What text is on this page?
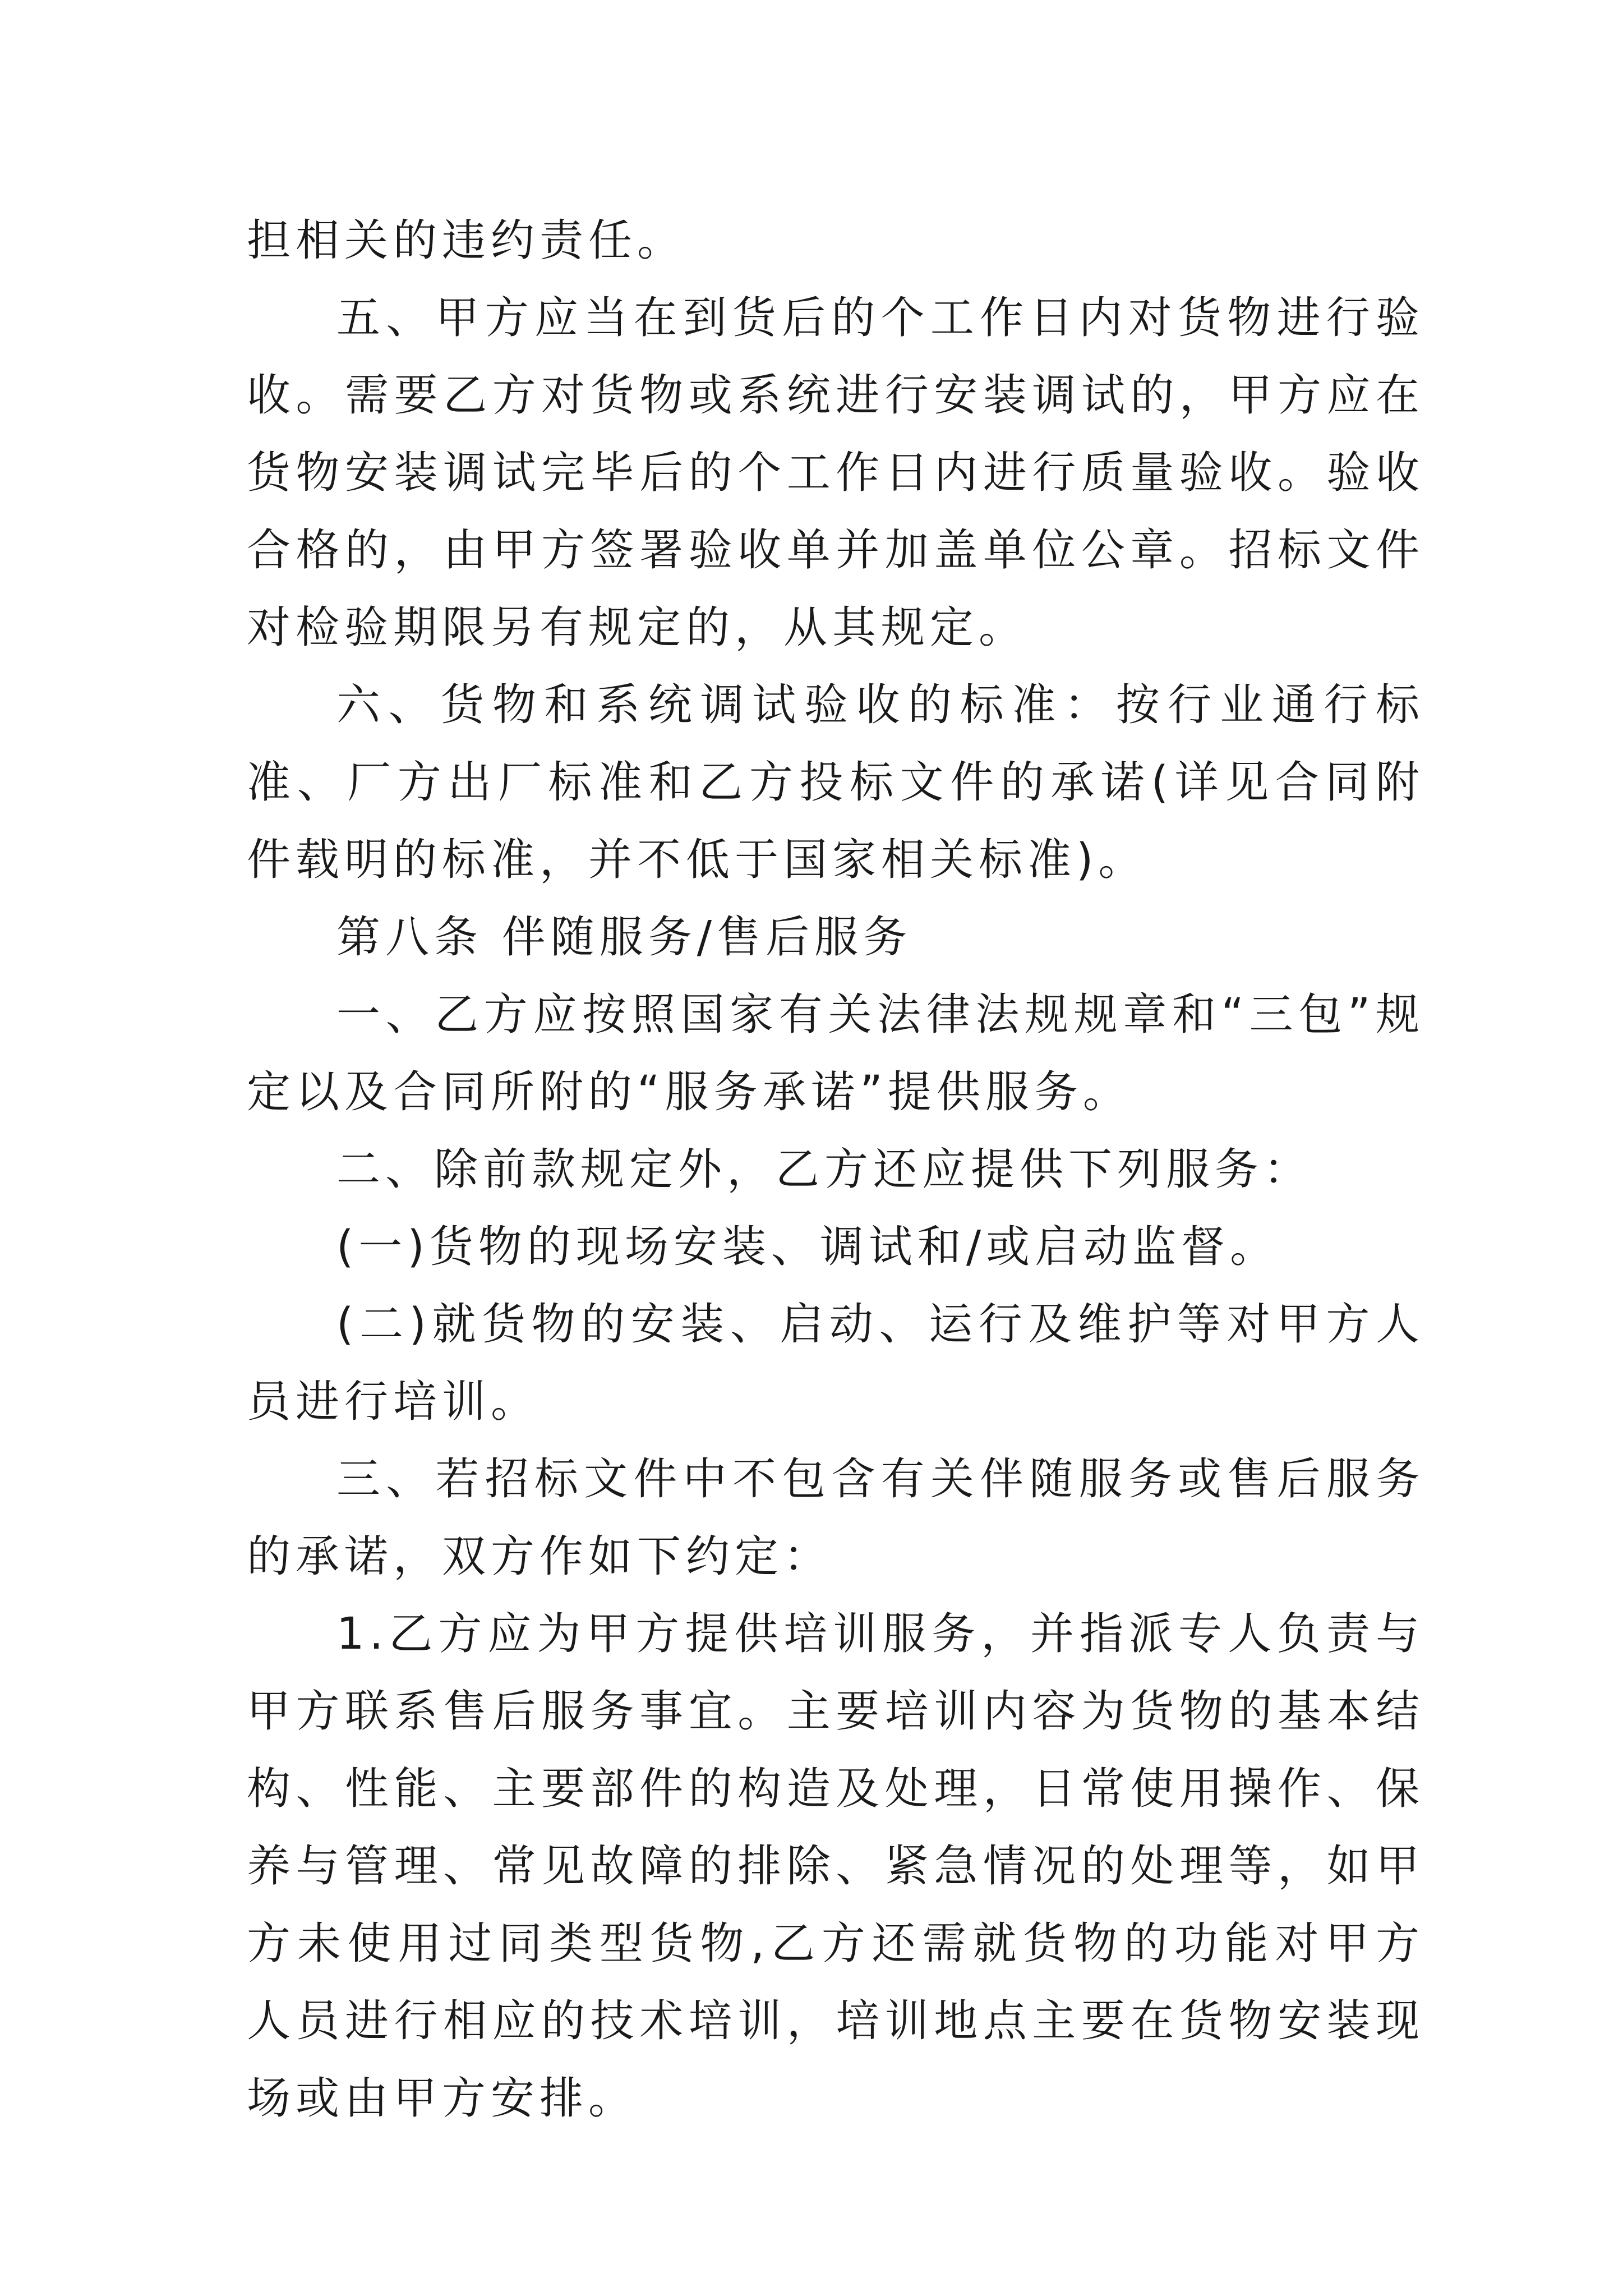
担相关的违约责任。

五、甲方应当在到货后的个工作日内对货物进行验收。需要乙方对货物或系统进行安装调试的，甲方应在货物安装调试完毕后的个工作日内进行质量验收。验收合格的，由甲方签署验收单并加盖单位公章。招标文件对检验期限另有规定的，从其规定。

六、货物和系统调试验收的标准：按行业通行标准、厂方出厂标准和乙方投标文件的承诺(详见合同附件载明的标准，并不低于国家相关标准)。

第八条 伴随服务/售后服务

一、乙方应按照国家有关法律法规规章和“三包”规定以及合同所附的“服务承诺”提供服务。

二、除前款规定外，乙方还应提供下列服务：

(一)货物的现场安装、调试和/或启动监督。

(二)就货物的安装、启动、运行及维护等对甲方人员进行培训。

三、若招标文件中不包含有关伴随服务或售后服务的承诺，双方作如下约定：

1.乙方应为甲方提供培训服务，并指派专人负责与甲方联系售后服务事宜。主要培训内容为货物的基本结构、性能、主要部件的构造及处理，日常使用操作、保养与管理、常见故障的排除、紧急情况的处理等，如甲方未使用过同类型货物,乙方还需就货物的功能对甲方人员进行相应的技术培训，培训地点主要在货物安装现场或由甲方安排。
